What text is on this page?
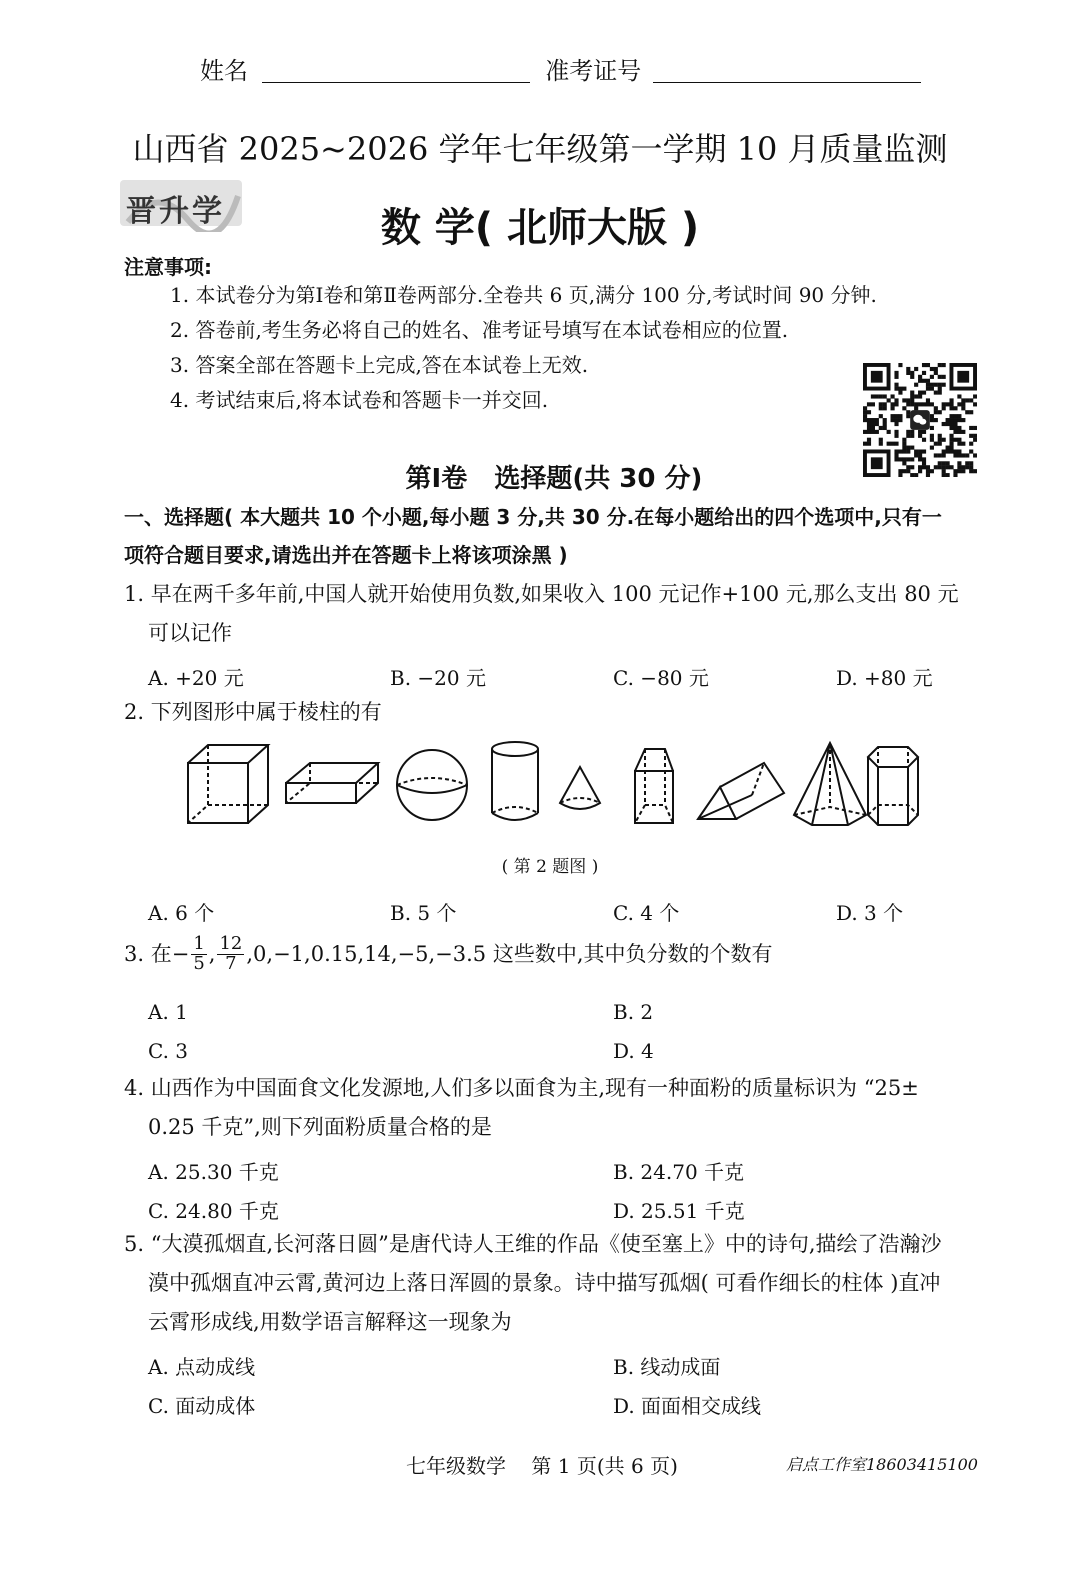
姓名	准考证号
山西省 2025~2026 学年七年级第一学期 10 月质量监测
晋升学	数 学( 北师大版 )
注意事项:
1. 本试卷分为第Ⅰ卷和第Ⅱ卷两部分.全卷共 6 页,满分 100 分,考试时间 90 分钟.
2. 答卷前,考生务必将自己的姓名、准考证号填写在本试卷相应的位置.
3. 答案全部在答题卡上完成,答在本试卷上无效.
4. 考试结束后,将本试卷和答题卡一并交回.
第Ⅰ卷   选择题(共 30 分)
一、选择题( 本大题共 10 个小题,每小题 3 分,共 30 分.在每小题给出的四个选项中,只有一
项符合题目要求,请选出并在答题卡上将该项涂黑 )
1. 早在两千多年前,中国人就开始使用负数,如果收入 100 元记作+100 元,那么支出 80 元
可以记作
A. +20 元	B. −20 元	C. −80 元	D. +80 元
2. 下列图形中属于棱柱的有
( 第 2 题图 )
A. 6 个	B. 5 个	C. 4 个	D. 3 个
3. 在− $\frac{1}{5}$ , $\frac{12}{7} ,0,-1,0.15,14,-5,-3.5$ 这些数中,其中负分数的个数有
A. 1	B. 2
C. 3	D. 4
4. 山西作为中国面食文化发源地,人们多以面食为主,现有一种面粉的质量标识为 “25±
0.25 千克”,则下列面粉质量合格的是
A. 25.30 千克	B. 24.70 千克
C. 24.80 千克	D. 25.51 千克
5. “大漠孤烟直,长河落日圆”是唐代诗人王维的作品《使至塞上》中的诗句,描绘了浩瀚沙
漠中孤烟直冲云霄,黄河边上落日浑圆的景象。诗中描写孤烟( 可看作细长的柱体 )直冲
云霄形成线,用数学语言解释这一现象为
A. 点动成线	B. 线动成面
C. 面动成体	D. 面面相交成线
七年级数学    第 1 页(共 6 页)	启点工作室18603415100
